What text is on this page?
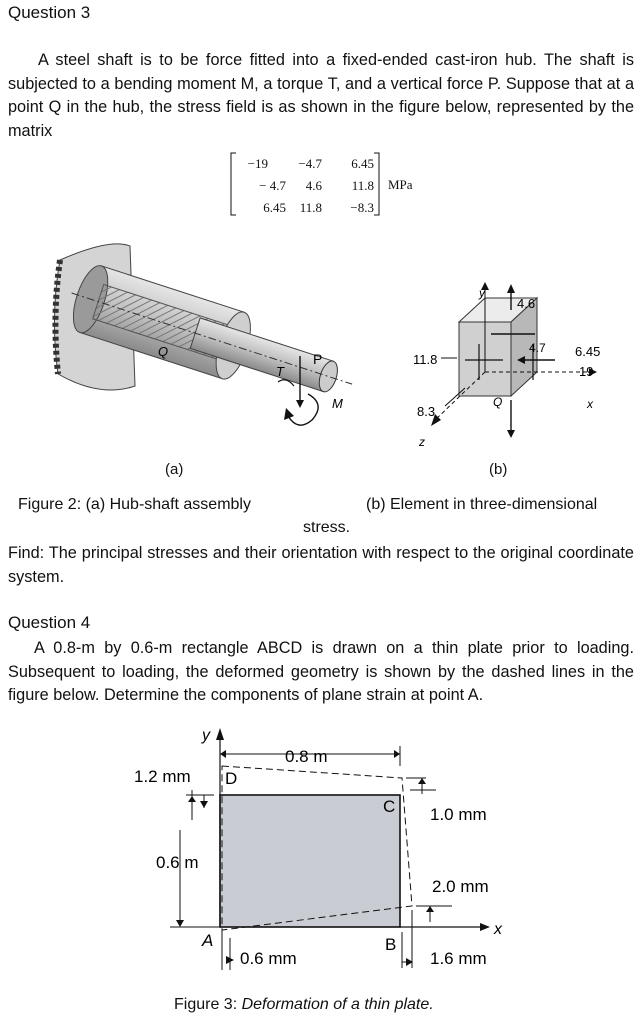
Question 3
A steel shaft is to be force fitted into a fixed-ended cast-iron hub. The shaft is subjected to a bending moment M, a torque T, and a vertical force P. Suppose that at a point Q in the hub, the stress field is as shown in the figure below, represented by the matrix
−19	−4.7	6.45
− 4.7	4.6	11.8
6.45	11.8	−8.3
MPa
P
T
M
Q
y
4.6
4.7 6.45
19
x
11.8
8.3
z
Q
(a)	(b)
Figure 2: (a) Hub-shaft assembly	(b) Element in three-dimensional
stress.
Find: The principal stresses and their orientation with respect to the original coordinate system.
Question 4
A 0.8-m by 0.6-m rectangle ABCD is drawn on a thin plate prior to loading. Subsequent to loading, the deformed geometry is shown by the dashed lines in the figure below. Determine the components of plane strain at point A.
y
x
D
C
A	B
0.8 m
1.2 mm
0.6 m
1.0 mm
2.0 mm
0.6 mm	1.6 mm
Figure 3: Deformation of a thin plate.
